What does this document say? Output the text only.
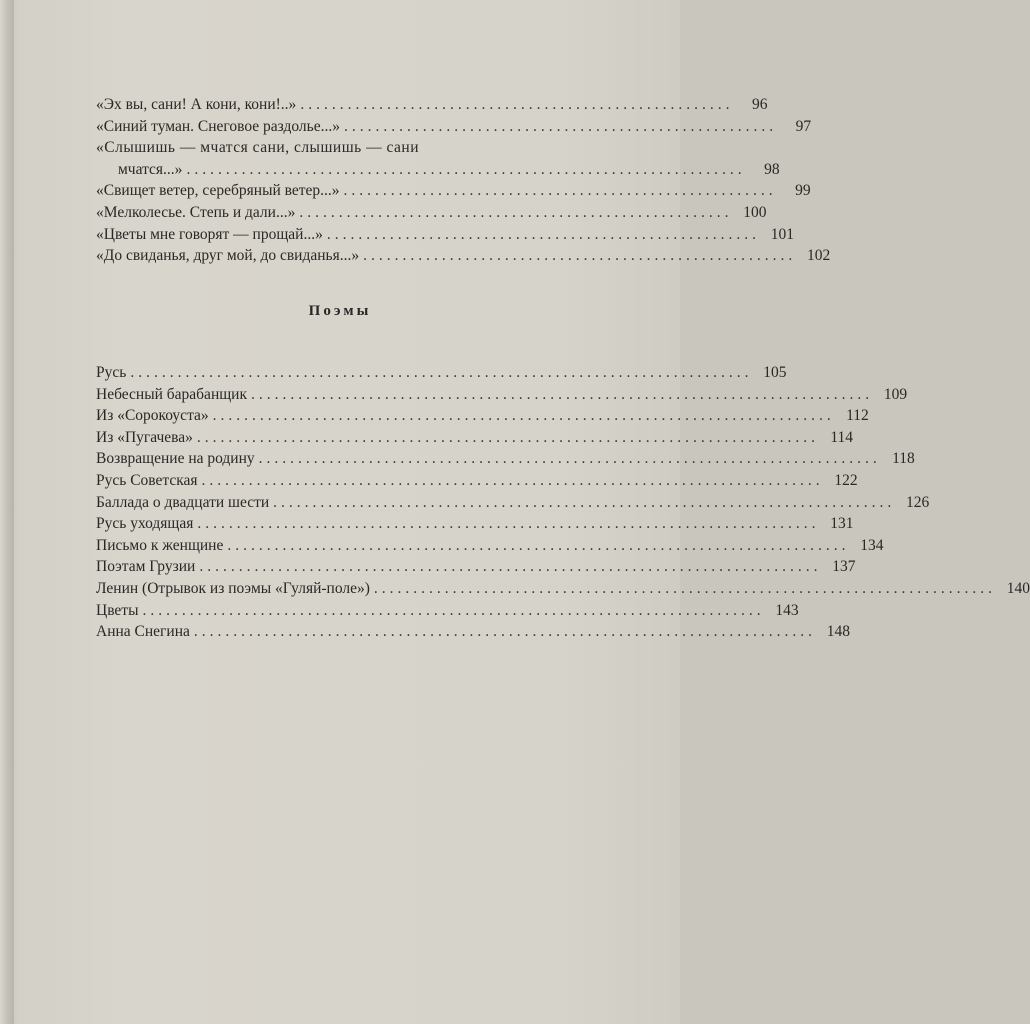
«Эх вы, сани! А кони, кони!..» .......................................................	96
«Синий туман. Снеговое раздолье...» .......................................................	97
«Слышишь — мчатся сани, слышишь — сани
мчатся...» .......................................................................	98
«Свищет ветер, серебряный ветер...» .......................................................	99
«Мелколесье. Степь и дали...» ....................................................... 100
«Цветы мне говорят — прощай...» ....................................................... 101
«До свиданья, друг мой, до свиданья...» ....................................................... 102
Поэмы
Русь ............................................................................... 105
Небесный барабанщик ............................................................................... 109
Из «Сорокоуста» ............................................................................... 112
Из «Пугачева» ............................................................................... 114
Возвращение на родину ............................................................................... 118
Русь Советская ............................................................................... 122
Баллада о двадцати шести ............................................................................... 126
Русь уходящая ............................................................................... 131
Письмо к женщине ............................................................................... 134
Поэтам Грузии ............................................................................... 137
Ленин (Отрывок из поэмы «Гуляй-поле») ............................................................................... 140
Цветы ............................................................................... 143
Анна Снегина ............................................................................... 148
